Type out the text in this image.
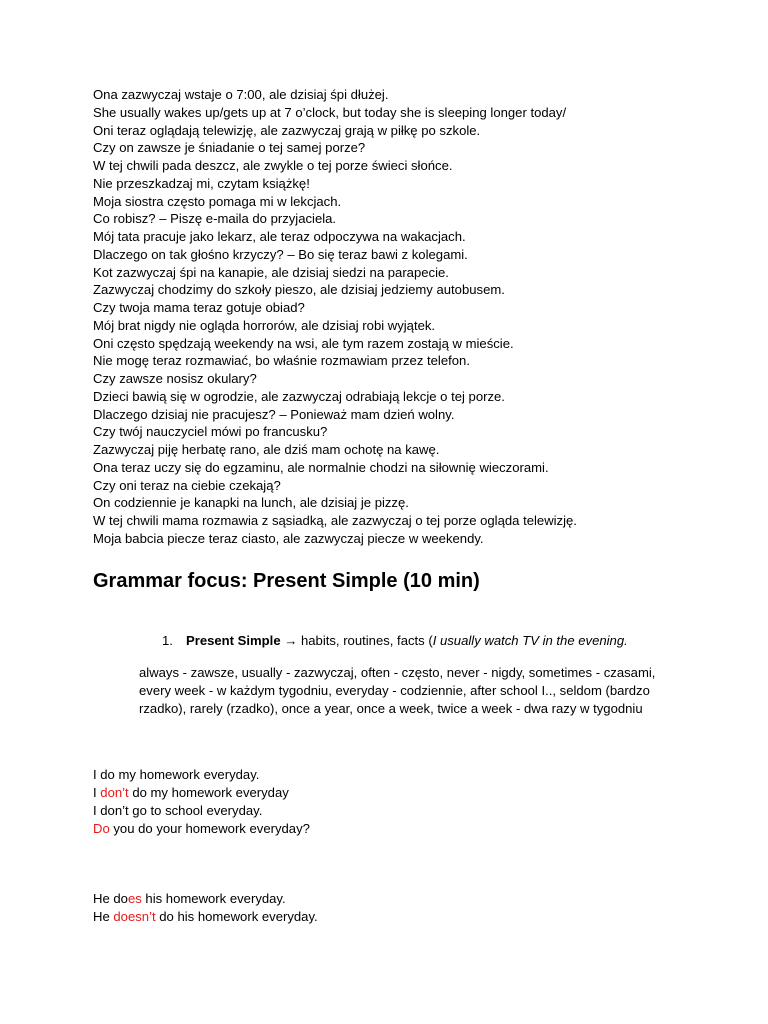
Ona zazwyczaj wstaje o 7:00, ale dzisiaj śpi dłużej.
She usually wakes up/gets up at 7 o’clock, but today she is sleeping longer today/
Oni teraz oglądają telewizję, ale zazwyczaj grają w piłkę po szkole.
Czy on zawsze je śniadanie o tej samej porze?
W tej chwili pada deszcz, ale zwykle o tej porze świeci słońce.
Nie przeszkadzaj mi, czytam książkę!
Moja siostra często pomaga mi w lekcjach.
Co robisz? – Piszę e-maila do przyjaciela.
Mój tata pracuje jako lekarz, ale teraz odpoczywa na wakacjach.
Dlaczego on tak głośno krzyczy? – Bo się teraz bawi z kolegami.
Kot zazwyczaj śpi na kanapie, ale dzisiaj siedzi na parapecie.
Zazwyczaj chodzimy do szkoły pieszo, ale dzisiaj jedziemy autobusem.
Czy twoja mama teraz gotuje obiad?
Mój brat nigdy nie ogląda horrorów, ale dzisiaj robi wyjątek.
Oni często spędzają weekendy na wsi, ale tym razem zostają w mieście.
Nie mogę teraz rozmawiać, bo właśnie rozmawiam przez telefon.
Czy zawsze nosisz okulary?
Dzieci bawią się w ogrodzie, ale zazwyczaj odrabiają lekcje o tej porze.
Dlaczego dzisiaj nie pracujesz? – Ponieważ mam dzień wolny.
Czy twój nauczyciel mówi po francusku?
Zazwyczaj piję herbatę rano, ale dziś mam ochotę na kawę.
Ona teraz uczy się do egzaminu, ale normalnie chodzi na siłownię wieczorami.
Czy oni teraz na ciebie czekają?
On codziennie je kanapki na lunch, ale dzisiaj je pizzę.
W tej chwili mama rozmawia z sąsiadką, ale zazwyczaj o tej porze ogląda telewizję.
Moja babcia piecze teraz ciasto, ale zazwyczaj piecze w weekendy.
Grammar focus: Present Simple (10 min)
1. Present Simple → habits, routines, facts (I usually watch TV in the evening.
always - zawsze, usually - zazwyczaj, often - często, never - nigdy, sometimes - czasami, every week - w każdym tygodniu, everyday - codziennie, after school I.., seldom (bardzo rzadko), rarely (rzadko), once a year, once a week, twice a week - dwa razy w tygodniu
I do my homework everyday.
I don’t do my homework everyday
I don’t go to school everyday.
Do you do your homework everyday?
He does his homework everyday.
He doesn’t do his homework everyday.
